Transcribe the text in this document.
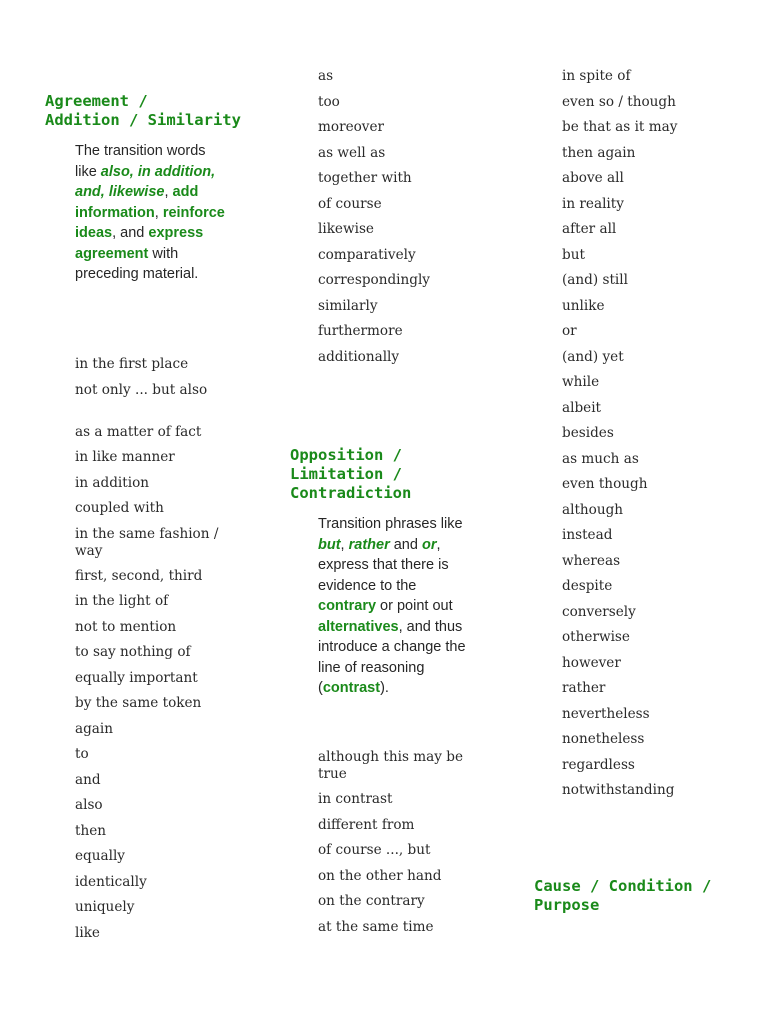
Agreement /
Addition / Similarity
The transition words like also, in addition, and, likewise, add information, reinforce ideas, and express agreement with preceding material.
in the first place
not only ... but also
as a matter of fact
in like manner
in addition
coupled with
in the same fashion / way
first, second, third
in the light of
not to mention
to say nothing of
equally important
by the same token
again
to
and
also
then
equally
identically
uniquely
like
as
too
moreover
as well as
together with
of course
likewise
comparatively
correspondingly
similarly
furthermore
additionally
Opposition /
Limitation /
Contradiction
Transition phrases like but, rather and or, express that there is evidence to the contrary or point out alternatives, and thus introduce a change the line of reasoning (contrast).
although this may be true
in contrast
different from
of course ..., but
on the other hand
on the contrary
at the same time
in spite of
even so / though
be that as it may
then again
above all
in reality
after all
but
(and) still
unlike
or
(and) yet
while
albeit
besides
as much as
even though
although
instead
whereas
despite
conversely
otherwise
however
rather
nevertheless
nonetheless
regardless
notwithstanding
Cause / Condition /
Purpose
